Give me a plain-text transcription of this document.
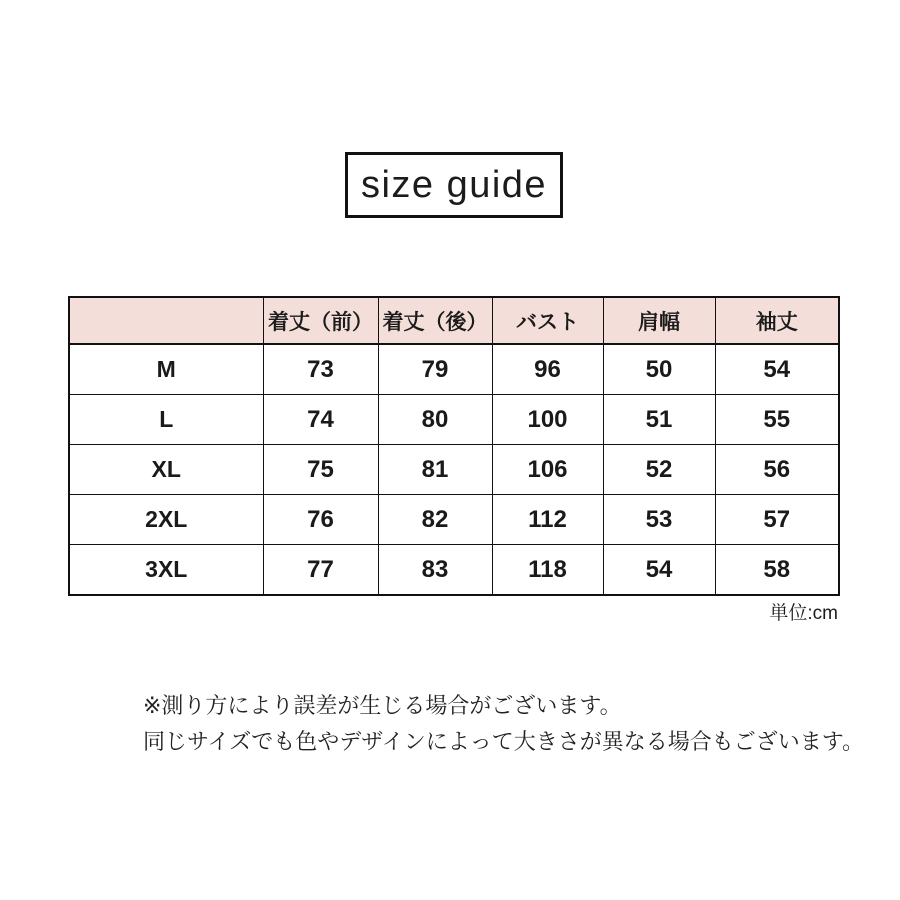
size guide
	着丈（前）	着丈（後）	バスト	肩幅	袖丈
M	73	79	96	50	54
L	74	80	100	51	55
XL	75	81	106	52	56
2XL	76	82	112	53	57
3XL	77	83	118	54	58
単位:cm
※測り方により誤差が生じる場合がございます。
同じサイズでも色やデザインによって大きさが異なる場合もございます。
